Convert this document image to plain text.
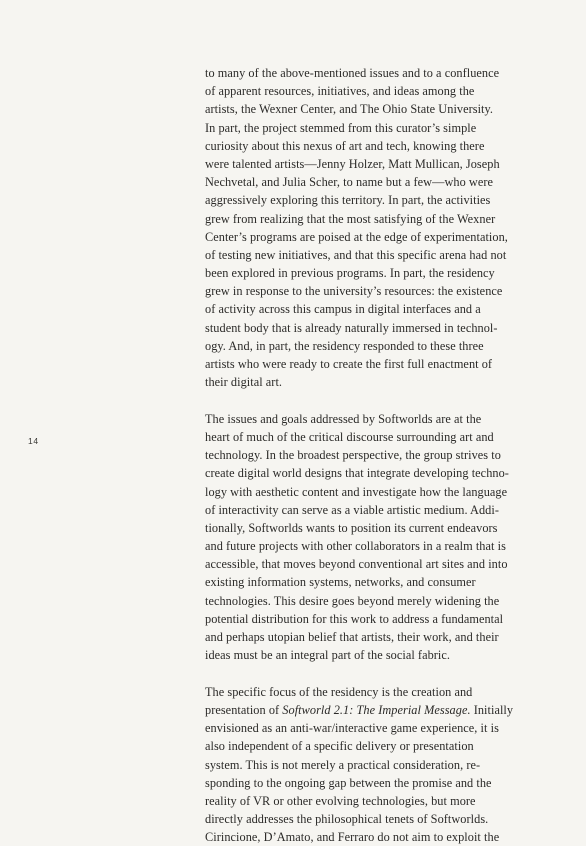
14

to many of the above-mentioned issues and to a confluence
of apparent resources, initiatives, and ideas among the
artists, the Wexner Center, and The Ohio State University.
In part, the project stemmed from this curator’s simple
curiosity about this nexus of art and tech, knowing there
were talented artists—Jenny Holzer, Matt Mullican, Joseph
Nechvetal, and Julia Scher, to name but a few—who were
aggressively exploring this territory. In part, the activities
grew from realizing that the most satisfying of the Wexner
Center’s programs are poised at the edge of experimentation,
of testing new initiatives, and that this specific arena had not
been explored in previous programs. In part, the residency
grew in response to the university’s resources: the existence
of activity across this campus in digital interfaces and a
student body that is already naturally immersed in technol-
ogy. And, in part, the residency responded to these three
artists who were ready to create the first full enactment of
their digital art.

The issues and goals addressed by Softworlds are at the
heart of much of the critical discourse surrounding art and
technology. In the broadest perspective, the group strives to
create digital world designs that integrate developing techno-
logy with aesthetic content and investigate how the language
of interactivity can serve as a viable artistic medium. Addi-
tionally, Softworlds wants to position its current endeavors
and future projects with other collaborators in a realm that is
accessible, that moves beyond conventional art sites and into
existing information systems, networks, and consumer
technologies. This desire goes beyond merely widening the
potential distribution for this work to address a fundamental
and perhaps utopian belief that artists, their work, and their
ideas must be an integral part of the social fabric.

The specific focus of the residency is the creation and
presentation of Softworld 2.1: The Imperial Message. Initially
envisioned as an anti-war/interactive game experience, it is
also independent of a specific delivery or presentation
system. This is not merely a practical consideration, re-
sponding to the ongoing gap between the promise and the
reality of VR or other evolving technologies, but more
directly addresses the philosophical tenets of Softworlds.
Cirincione, D’Amato, and Ferraro do not aim to exploit the
